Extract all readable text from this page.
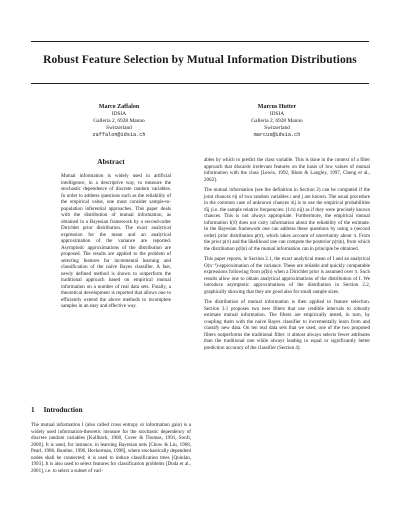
Robust Feature Selection by Mutual Information Distributions
Marco Zaffalon
IDSIA
Galleria 2, 6928 Manno
Switzerland
zaffalon@idsia.ch
Marcus Hutter
IDSIA
Galleria 2, 6928 Manno
Switzerland
marcus@idsia.ch
Abstract

Mutual information is widely used in artificial intelligence, in a descriptive way, to measure the stochastic dependence of discrete random variables. In order to address questions such as the reliability of the empirical value, one must consider sample-to-population inferential approaches. This paper deals with the distribution of mutual information, as obtained in a Bayesian framework by a second-order Dirichlet prior distribution. The exact analytical expression for the mean and an analytical approximation of the variance are reported. Asymptotic approximations of the distribution are proposed. The results are applied to the problem of selecting features for incremental learning and classification of the naive Bayes classifier. A fast, newly defined method is shown to outperform the traditional approach based on empirical mutual information on a number of real data sets. Finally, a theoretical development is reported that allows one to efficiently extend the above methods to incomplete samples in an easy and effective way.

1 Introduction

The mutual information I (also called cross entropy or information gain) is a widely used information-theoretic measure for the stochastic dependency of discrete random variables [Kullback, 1968, Cover & Thomas, 1991, Soofi, 2000]. It is used, for instance, in learning Bayesian nets [Chow & Liu, 1968, Pearl, 1988, Buntine, 1996, Heckerman, 1998], where stochastically dependent nodes shall be connected; it is used to induce classification trees [Quinlan, 1993]. It is also used to select features for classification problems [Duda et al., 2001], i.e. to select a subset of vari-

ables by which to predict the class variable. This is done in the context of a filter approach that discards irrelevant features on the basis of low values of mutual information with the class [Lewis, 1992, Blum & Langley, 1997, Cheng et al., 2002].

The mutual information (see the definition in Section 2) can be computed if the joint chances πij of two random variables ı and j are known. The usual procedure in the common case of unknown chances πij is to use the empirical probabilities π̂ij (i.e. the sample relative frequencies: (1/n) nij) as if they were precisely known chances. This is not always appropriate. Furthermore, the empirical mutual information I(π̂) does not carry information about the reliability of the estimate. In the Bayesian framework one can address these questions by using a (second order) prior distribution p(π), which takes account of uncertainty about π. From the prior p(π) and the likelihood one can compute the posterior p(π|n), from which the distribution p(I|n) of the mutual information can in principle be obtained.

This paper reports, in Section 2.1, the exact analytical mean of I and an analytical O(n⁻³)-approximation of the variance. These are reliable and quickly computable expressions following from p(I|n) when a Dirichlet prior is assumed over π. Such results allow one to obtain analytical approximations of the distribution of I. We introduce asymptotic approximations of the distribution in Section 2.2, graphically showing that they are good also for small sample sizes.

The distribution of mutual information is then applied to feature selection. Section 3.1 proposes two new filters that use credible intervals to robustly estimate mutual information. The filters are empirically tested, in turn, by coupling them with the naive Bayes classifier to incrementally learn from and classify new data. On ten real data sets that we used, one of the two proposed filters outperforms the traditional filter: it almost always selects fewer attributes than the traditional one while always leading to equal or significantly better prediction accuracy of the classifier (Section 4).
